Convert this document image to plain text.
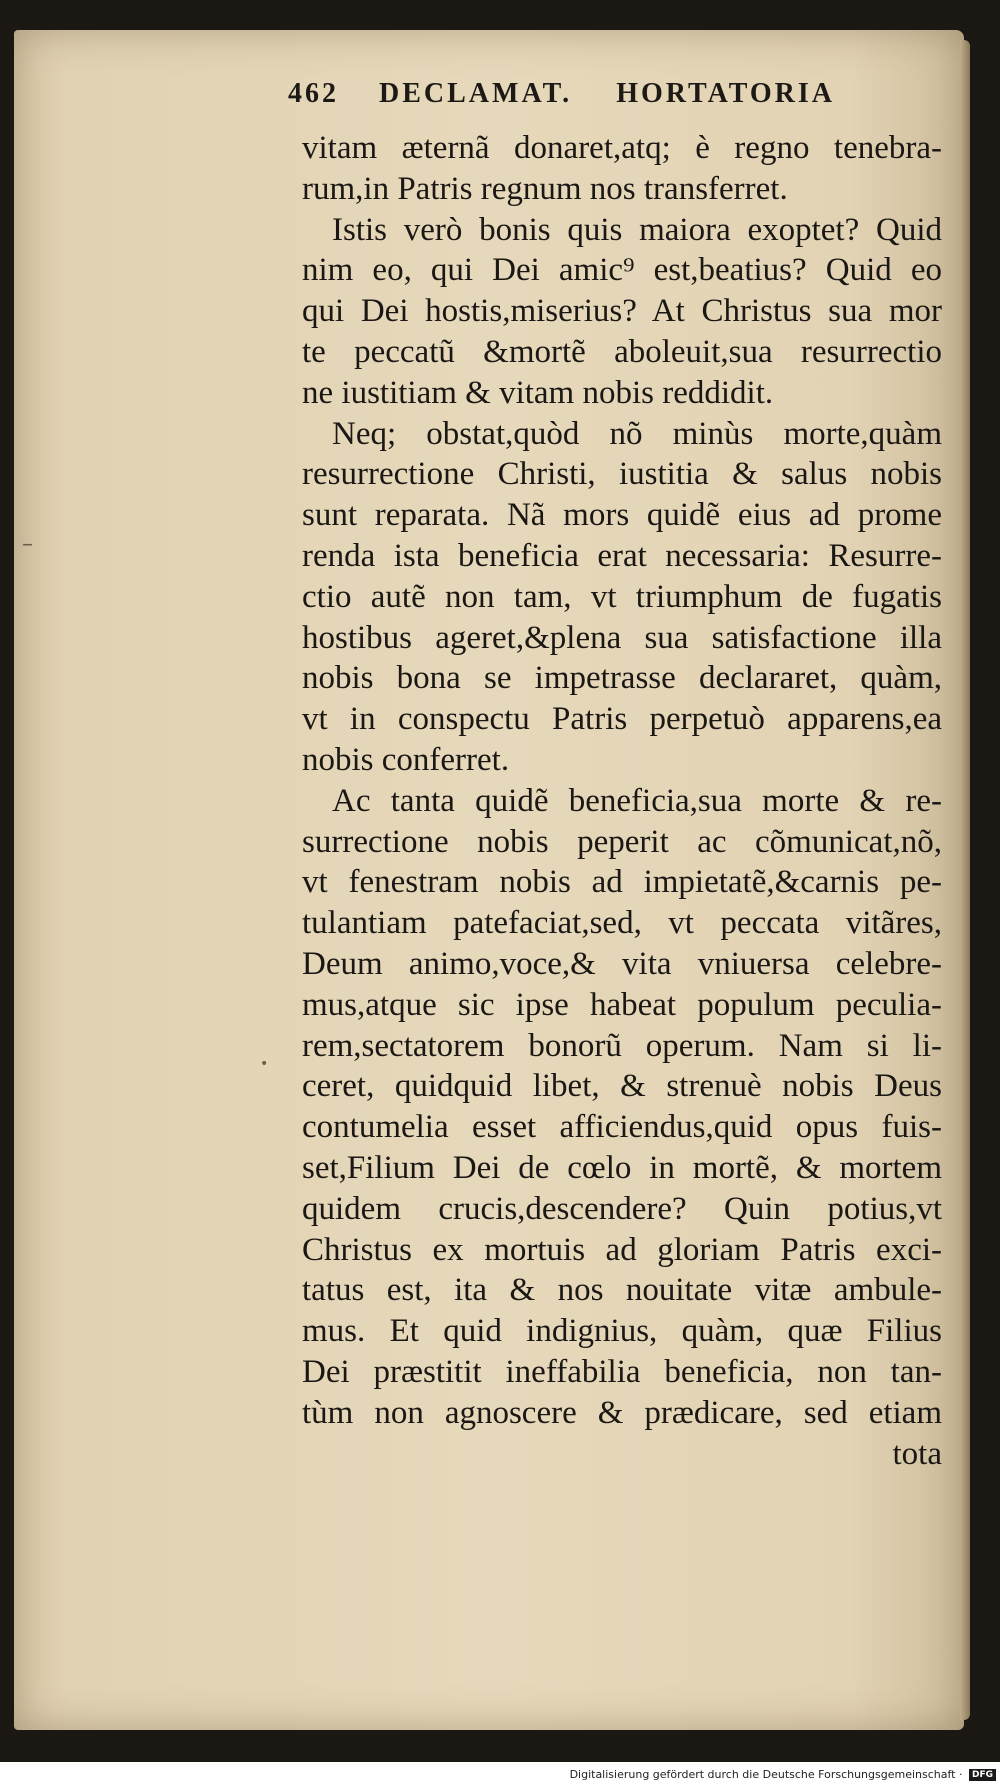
462 DECLAMAT. HORTATORIA
vitam æternã donaret,atq; è regno tenebra-
rum,in Patris regnum nos transferret.
Istis verò bonis quis maiora exoptet? Quid
nim eo, qui Dei amic⁹ est,beatius? Quid eo
qui Dei hostis,miserius? At Christus sua mor
te peccatũ &mortẽ aboleuit,sua resurrectio
ne iustitiam & vitam nobis reddidit.
Neq; obstat,quòd nõ minùs morte,quàm
resurrectione Christi, iustitia & salus nobis
sunt reparata. Nã mors quidẽ eius ad prome
renda ista beneficia erat necessaria: Resurre-
ctio autẽ non tam, vt triumphum de fugatis
hostibus ageret,&plena sua satisfactione illa
nobis bona se impetrasse declararet, quàm,
vt in conspectu Patris perpetuò apparens,ea
nobis conferret.
Ac tanta quidẽ beneficia,sua morte & re-
surrectione nobis peperit ac cõmunicat,nõ,
vt fenestram nobis ad impietatẽ,&carnis pe-
tulantiam patefaciat,sed, vt peccata vitãres,
Deum animo,voce,& vita vniuersa celebre-
mus,atque sic ipse habeat populum peculia-
rem,sectatorem bonorũ operum. Nam si li-
ceret, quidquid libet, & strenuè nobis Deus
contumelia esset afficiendus,quid opus fuis-
set,Filium Dei de cœlo in mortẽ, & mortem
quidem crucis,descendere? Quin potius,vt
Christus ex mortuis ad gloriam Patris exci-
tatus est, ita & nos nouitate vitæ ambule-
mus. Et quid indignius, quàm, quæ Filius
Dei præstitit ineffabilia beneficia, non tan-
tùm non agnoscere & prædicare, sed etiam
tota
–
•
Digitalisierung gefördert durch die Deutsche Forschungsgemeinschaft · DFG
